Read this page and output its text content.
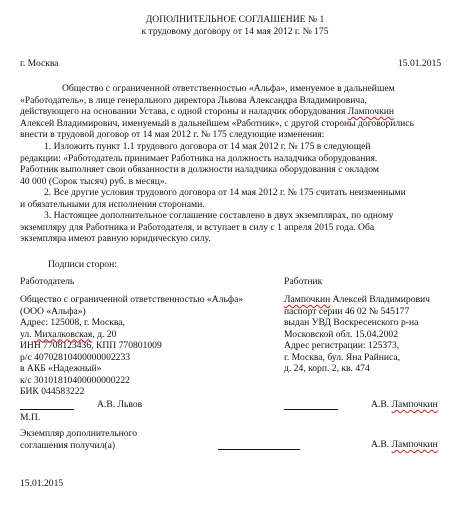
ДОПОЛНИТЕЛЬНОЕ СОГЛАШЕНИЕ № 1
к трудовому договору от 14 мая 2012 г. № 175
г. Москва	15.01.2015
Общество с ограниченной ответственностью «Альфа», именуемое в дальнейшем
«Работодатель», в лице генерального директора Львова Александра Владимировича,
действующего на основании Устава, с одной стороны и наладчик оборудования Лампочкин
Алексей Владимирович, именуемый в дальнейшем «Работник», с другой стороны договорились
внести в трудовой договор от 14 мая 2012 г. № 175 следующие изменения:
1. Изложить пункт 1.1 трудового договора от 14 мая 2012 г. № 175 в следующей
редакции: «Работодатель принимает Работника на должность наладчика оборудования.
Работник выполняет свои обязанности в должности наладчика оборудования с окладом
40 000 (Сорок тысяч) руб. в месяц».
2. Все другие условия трудового договора от 14 мая 2012 г. № 175 считать неизменными
и обязательными для исполнения сторонами.
3. Настоящее дополнительное соглашение составлено в двух экземплярах, по одному
экземпляру для Работника и Работодателя, и вступает в силу с 1 апреля 2015 года. Оба
экземпляра имеют равную юридическую силу.
Подписи сторон:
Работодатель
Общество с ограниченной ответственностью «Альфа»
(ООО «Альфа»)
Адрес: 125008, г. Москва,
ул. Михалковская, д. 20
ИНН 7708123436, КПП 770801009
р/с 40702810400000002233
в АКБ «Надежный»
к/с 30101810400000000222
БИК 044583222
Работник
Лампочкин Алексей Владимирович
паспорт серии 46 02 № 545177
выдан УВД Воскресенского р-на
Московской обл. 15.04.2002
Адрес регистрации: 125373,
г. Москва, бул. Яна Райниса,
д. 24, корп. 2, кв. 474
А.В. Львов
М.П.
А.В. Лампочкин
Экземпляр дополнительного
соглашения получил(а)	А.В. Лампочкин
15.01.2015
